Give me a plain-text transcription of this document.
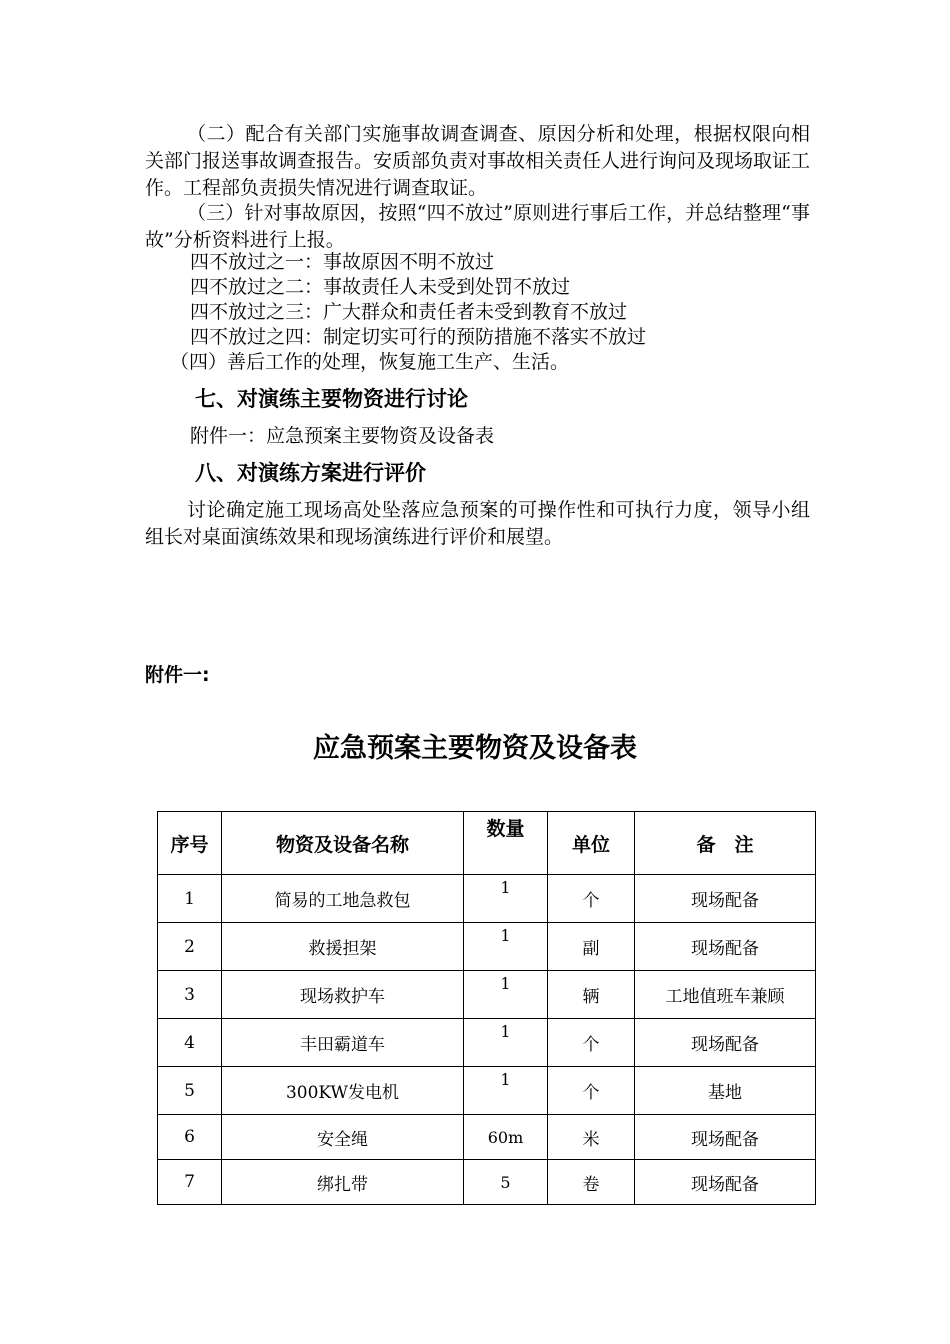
（二）配合有关部门实施事故调查调查、原因分析和处理，根据权限向相关部门报送事故调查报告。安质部负责对事故相关责任人进行询问及现场取证工作。工程部负责损失情况进行调查取证。

（三）针对事故原因，按照“四不放过”原则进行事后工作，并总结整理“事故”分析资料进行上报。

四不放过之一：事故原因不明不放过

四不放过之二：事故责任人未受到处罚不放过

四不放过之三：广大群众和责任者未受到教育不放过

四不放过之四：制定切实可行的预防措施不落实不放过

（四）善后工作的处理，恢复施工生产、生活。

七、对演练主要物资进行讨论

附件一：应急预案主要物资及设备表

八、对演练方案进行评价

讨论确定施工现场高处坠落应急预案的可操作性和可执行力度，领导小组组长对桌面演练效果和现场演练进行评价和展望。

附件一:

应急预案主要物资及设备表
序号	物资及设备名称	数量	单位	备　注
1	简易的工地急救包	1	个	现场配备
2	救援担架	1	副	现场配备
3	现场救护车	1	辆	工地值班车兼顾
4	丰田霸道车	1	个	现场配备
5	300KW发电机	1	个	基地
6	安全绳	60m	米	现场配备
7	绑扎带	5	卷	现场配备
